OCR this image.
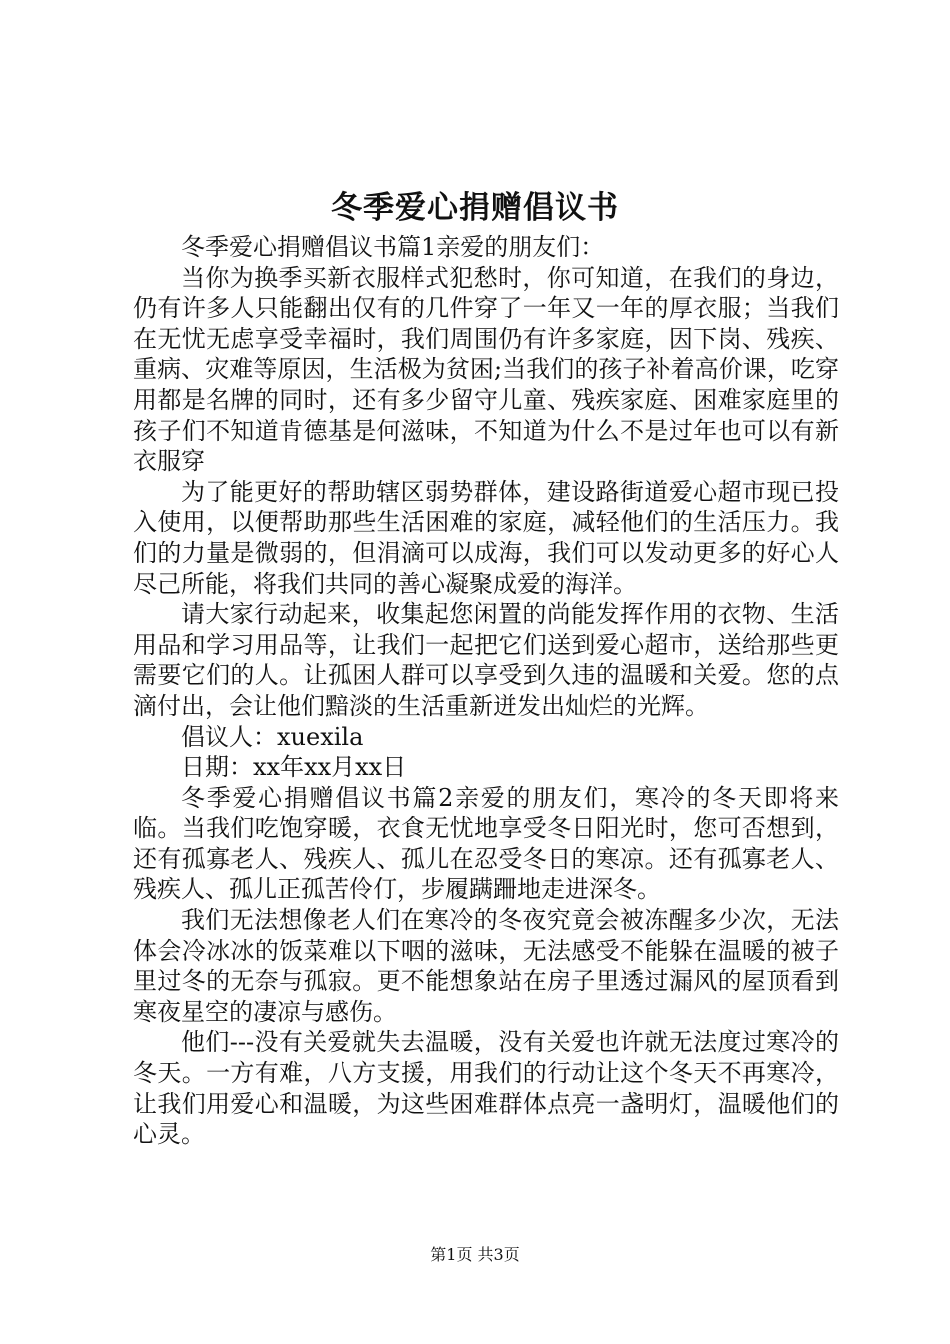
冬季爱心捐赠倡议书

冬季爱心捐赠倡议书篇1亲爱的朋友们：

当你为换季买新衣服样式犯愁时，你可知道，在我们的身边，仍有许多人只能翻出仅有的几件穿了一年又一年的厚衣服；当我们在无忧无虑享受幸福时，我们周围仍有许多家庭，因下岗、残疾、重病、灾难等原因，生活极为贫困;当我们的孩子补着高价课，吃穿用都是名牌的同时，还有多少留守儿童、残疾家庭、困难家庭里的孩子们不知道肯德基是何滋味，不知道为什么不是过年也可以有新衣服穿

为了能更好的帮助辖区弱势群体，建设路街道爱心超市现已投入使用，以便帮助那些生活困难的家庭，减轻他们的生活压力。我们的力量是微弱的，但涓滴可以成海，我们可以发动更多的好心人尽己所能，将我们共同的善心凝聚成爱的海洋。

请大家行动起来，收集起您闲置的尚能发挥作用的衣物、生活用品和学习用品等，让我们一起把它们送到爱心超市，送给那些更需要它们的人。让孤困人群可以享受到久违的温暖和关爱。您的点滴付出，会让他们黯淡的生活重新迸发出灿烂的光辉。

倡议人：xuexila

日期：xx年xx月xx日

冬季爱心捐赠倡议书篇2亲爱的朋友们，寒冷的冬天即将来临。当我们吃饱穿暖，衣食无忧地享受冬日阳光时，您可否想到，还有孤寡老人、残疾人、孤儿在忍受冬日的寒凉。还有孤寡老人、残疾人、孤儿正孤苦伶仃，步履蹒跚地走进深冬。

我们无法想像老人们在寒冷的冬夜究竟会被冻醒多少次，无法体会冷冰冰的饭菜难以下咽的滋味，无法感受不能躲在温暖的被子里过冬的无奈与孤寂。更不能想象站在房子里透过漏风的屋顶看到寒夜星空的凄凉与感伤。

他们---没有关爱就失去温暖，没有关爱也许就无法度过寒冷的冬天。一方有难，八方支援，用我们的行动让这个冬天不再寒冷，让我们用爱心和温暖，为这些困难群体点亮一盏明灯，温暖他们的心灵。

第1页 共3页
